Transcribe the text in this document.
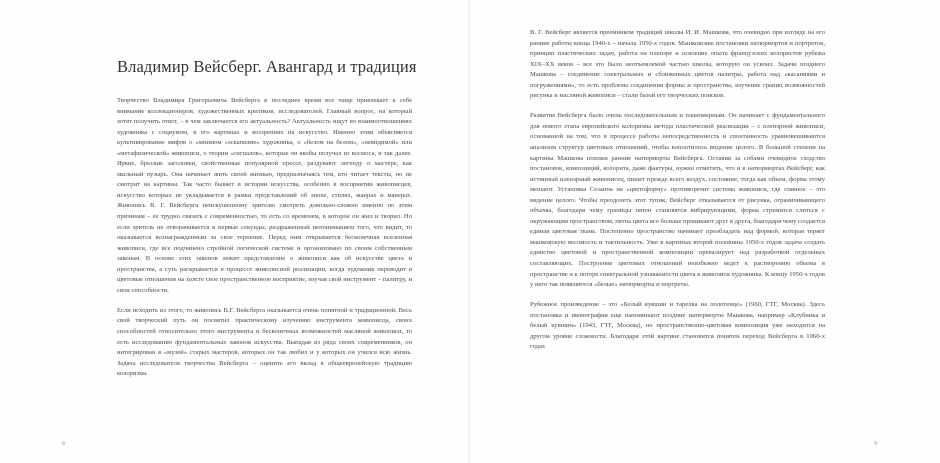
Владимир Вейсберг. Авангард и традиция

Творчество Владимира Григорьевича Вейсберга в последнее время все чаще привлекает к себе внимание коллекционеров, художественных критиков, исследователей. Главный вопрос, на который хотят получить ответ, – в чем заключается его актуальность? Актуальность ищут во взаимоотношениях художника с социумом, в его картинах и воззрениях на искусство. Именно этим объясняется культивирование мифов о «мнимом «эскапизме» художника, о «белом на белом», «невидимой» или «метафизической» живописи, о теории «сигналов», которые он якобы получал из космоса, и так далее. Яркие, броские заголовки, свойственные популярной прессе, раздувают легенду о мастере, как мыльный пузырь. Она начинает жить своей жизнью, предназначаясь тем, кто читает тексты, но не смотрит на картины. Так часто бывает в истории искусства, особенно в восприятии живописцев, искусство которых не укладывается в рамки представлений об эпохе, стилях, жанрах и манерах. Живопись В. Г. Вейсберга неискушенному зрителю смотреть довольно-сложно именно по этим причинам – ее трудно связать с современностью, то есть со временем, в которое он жил и творил. Но если зритель не отворачивается в первые секунды, раздраженный непониманием того, что видит, то оказывается вознагражденным за свое терпение. Перед ним открывается бесконечная вселенная живописи, где все подчинено стройной логической системе и организовано по своим собственным законам. В основе этих законов лежит представление о живописи как об искусстве цвета и пространства, а суть раскрывается в процессе живописной реализации, когда художник переводит в цветовые отношения на холсте свое пространственное восприятие, изучая свой инструмент – палитру, и свои способности.

Если исходить из этого, то живопись В.Г. Вейсберга оказывается очень понятной и традиционной. Весь свой творческий путь он посвятил практическому изучению инструмента живописца, своих способностей относительно этого инструмента и бесконечных возможностей масляной живописи, то есть исследованию фундаментальных законов искусства. Выпадая из ряда своих современников, он интегрирован в «музей» старых мастеров, которых он так любил и у которых он учился всю жизнь. Задача исследователя творчества Вейсберга – оценить его вклад в общеевропейскую традицию колоризма.

8

В. Г. Вейсберг является преемником традиций школы И. И. Машкова, что очевидно при взгляде на его ранние работы конца 1940-х – начала 1950-х годов. Машковские постановки натюрмортов и портретов, принцип пластических задач, работа на пленэре и освоение опыта французских колористов рубежа XIX–XX веков – все это было неотъемлемой частью школы, которую он усвоил. Задачи позднего Машкова – соединение спектральных и сближенных цветов палитры, работа над «касаниями и погружениями», то есть проблема соединения формы и пространства, изучение границ возможностей рисунка и масляной живописи – стали базой его творческих поисков.

Развитие Вейсберга было очень последовательным и планомерным. Он начинает с фундаментального для нового этапа европейского колоризма метода пластической реализации – с пленэрной живописи, основанной на том, что в процессе работы непосредственность и спонтанность уравновешиваются анализом структур цветовых отношений, чтобы воплотилось видение целого. В большой степени на картины Машкова похожи ранние натюрморты Вейсберга. Оставив за собами очевидное сходство постановок, композиций, колорита, даже фактуры, нужно отметить, что и в натюрмортах Вейсберг, как истинный пленэрный живописец, пишет прежде всего воздух, состояние, тогда как объем, форма этому мешают. Установка Сезанна на «цветоформу» противоречит система живописи, где главное – это видение целого. Чтобы преодолеть этот тупик, Вейсберг отказывается от рисунка, ограничивающего объемы, благодаря чему границы пятен становятся вибрирующими, форма стремится слиться с окружающим пространством, пятна цвета все больше проникают друг в друга, благодаря чему создается единая цветовая ткань. Постепенно пространство начинает преобладать над формой, которая теряет машковскую весомость и тактильность. Уже в картинах второй половины 1950-х годов задача создать единство цветовой и пространственной композиции превалирует над разработкой отдельных составляющих. Построение цветовых отношений неизбежно ведет к растворению объема в пространстве и к потере спектральной узнаваемости цвета в живописи художника. К концу 1950-х годов у него так появляются «белые» натюрморты и портреты.

Рубежное произведение – это «Белый кувшин и тарелка на полотенце» (1960, ГТГ, Москва). Здесь постановка и иконография еще напоминают поздние натюрморты Машкова, например «Клубника и белый кувшин» (1943, ГТГ, Москва), но пространственно-цветовая композиция уже находится на другом уровне сложности. Благодаря этой картине становится понятен переход Вейсберга в 1960-х годах

9
